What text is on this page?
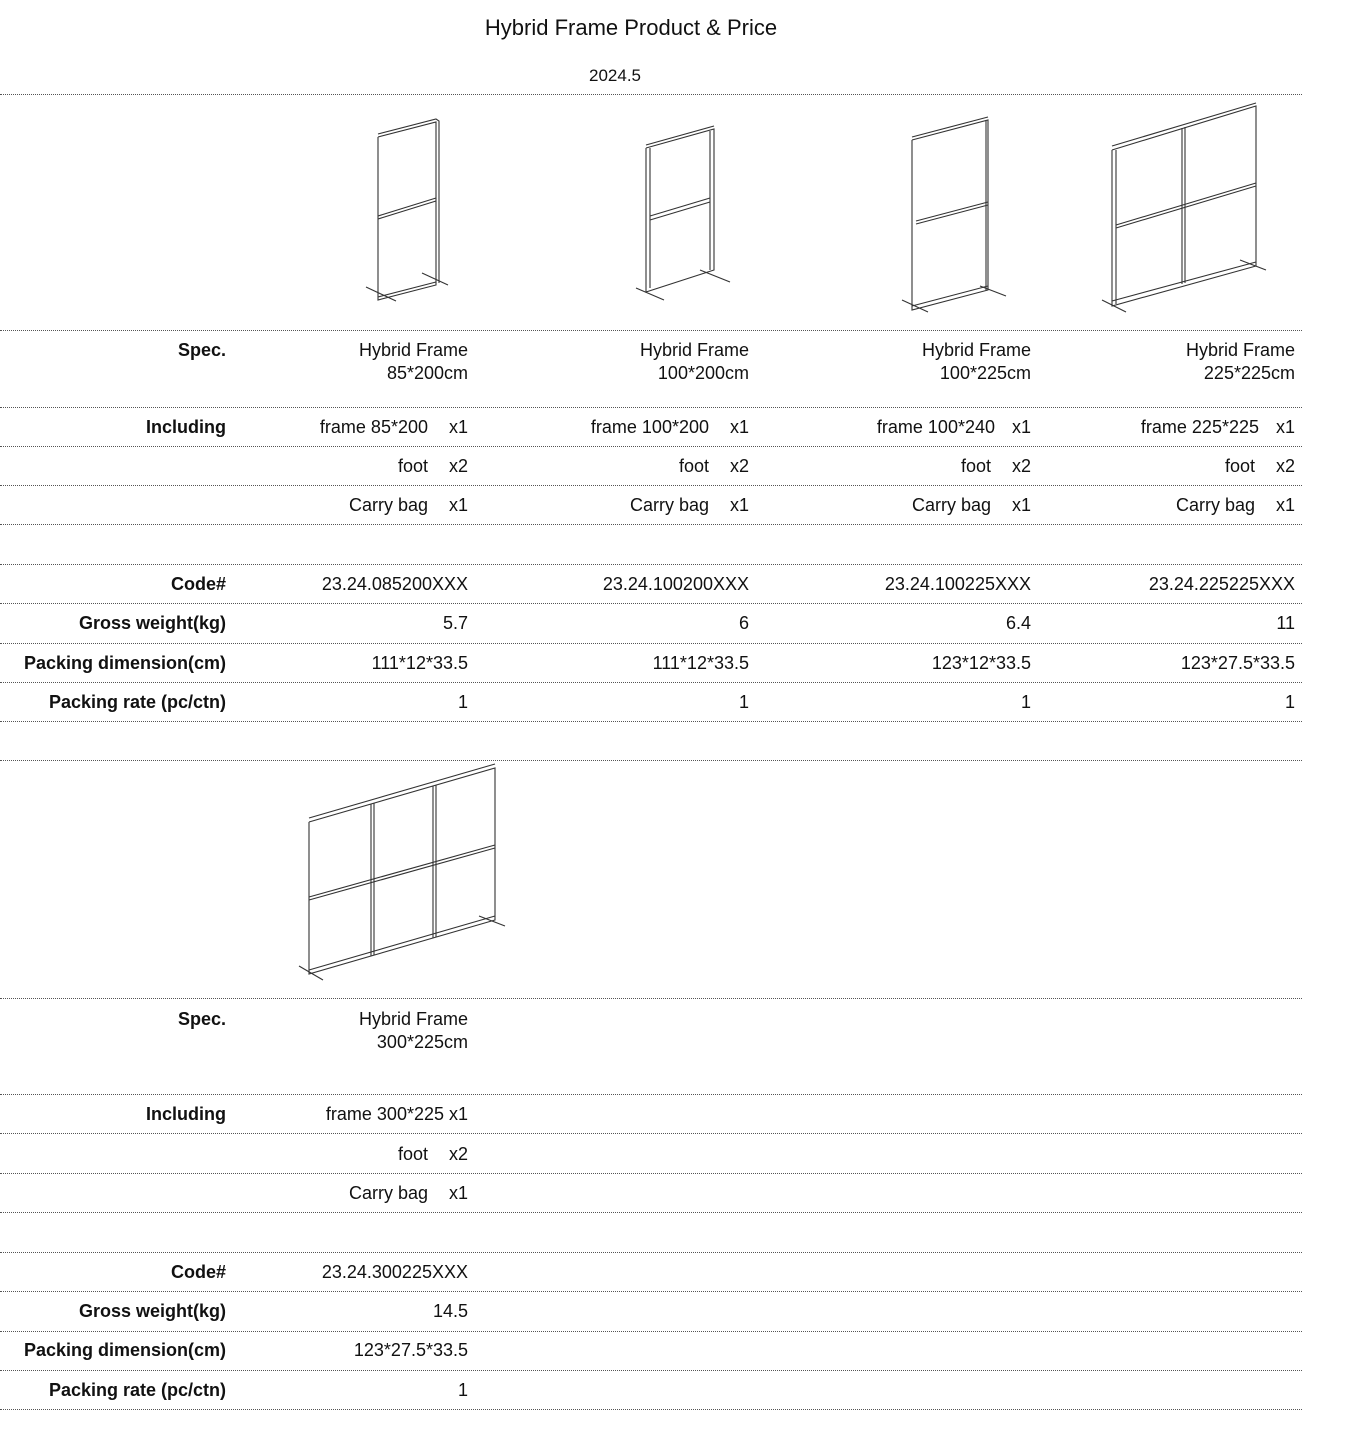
Hybrid Frame Product & Price
2024.5
Spec.
Including
Code#
Gross weight(kg)
Packing dimension(cm)
Packing rate (pc/ctn)
Hybrid Frame
85*200cm
frame 85*200 x1
foot x2
Carry bag x1
23.24.085200XXX
5.7
111*12*33.5
1
Hybrid Frame
100*200cm
frame 100*200 x1
foot x2
Carry bag x1
23.24.100200XXX
6
111*12*33.5
1
Hybrid Frame
100*225cm
frame 100*240 x1
foot x2
Carry bag x1
23.24.100225XXX
6.4
123*12*33.5
1
Hybrid Frame
225*225cm
frame 225*225 x1
foot x2
Carry bag x1
23.24.225225XXX
11
123*27.5*33.5
1
Spec.
Including
Code#
Gross weight(kg)
Packing dimension(cm)
Packing rate (pc/ctn)
Hybrid Frame
300*225cm
frame 300*225 x1
foot x2
Carry bag x1
23.24.300225XXX
14.5
123*27.5*33.5
1
